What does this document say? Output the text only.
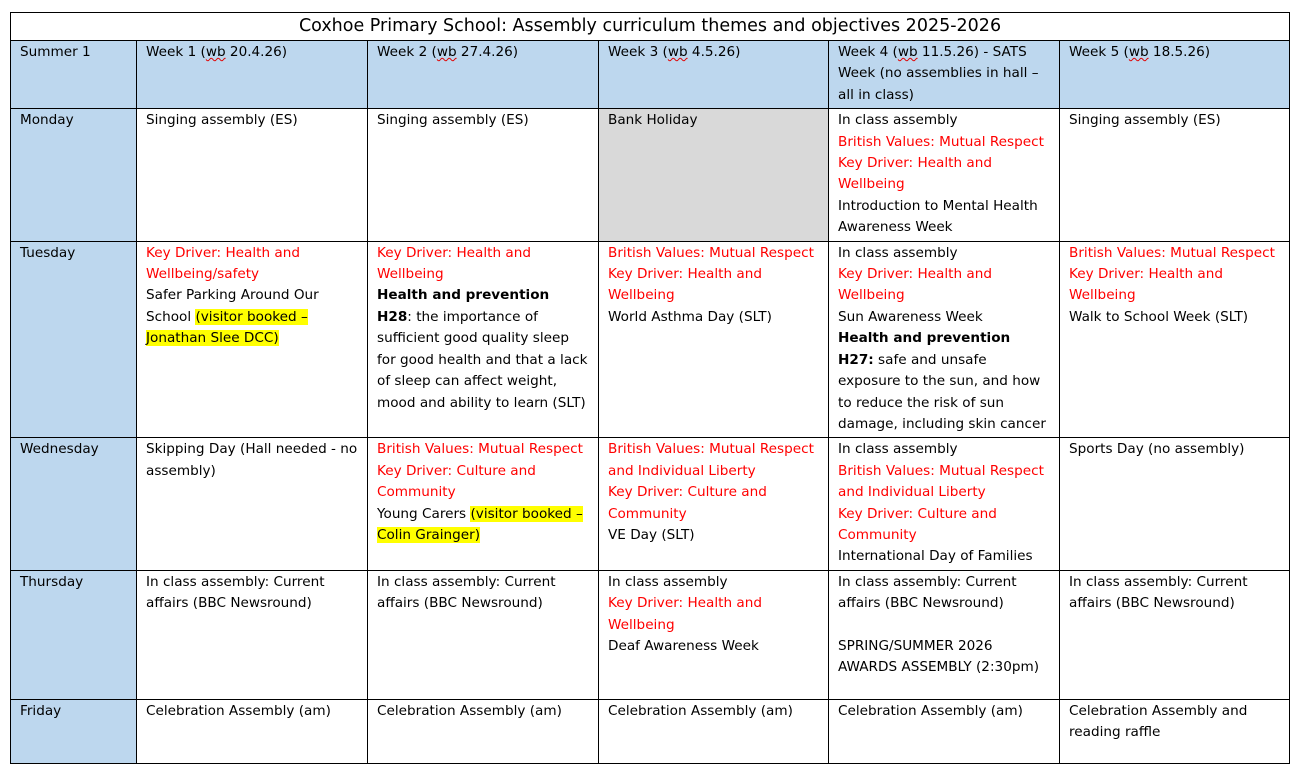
Coxhoe Primary School: Assembly curriculum themes and objectives 2025-2026					
Summer 1	Week 1 (wb 20.4.26)	Week 2 (wb 27.4.26)	Week 3 (wb 4.5.26)	Week 4 (wb 11.5.26) - SATS Week (no assemblies in hall – all in class)	Week 5 (wb 18.5.26)
Monday	Singing assembly (ES)	Singing assembly (ES)	Bank Holiday	In class assembly
British Values: Mutual Respect
Key Driver: Health and Wellbeing
Introduction to Mental Health Awareness Week	Singing assembly (ES)
Tuesday	Key Driver: Health and Wellbeing/safety
Safer Parking Around Our School (visitor booked – Jonathan Slee DCC)	Key Driver: Health and Wellbeing
Health and prevention
H28: the importance of sufficient good quality sleep for good health and that a lack of sleep can affect weight, mood and ability to learn (SLT)	British Values: Mutual Respect
Key Driver: Health and Wellbeing
World Asthma Day (SLT)	In class assembly
Key Driver: Health and Wellbeing
Sun Awareness Week
Health and prevention
H27: safe and unsafe exposure to the sun, and how to reduce the risk of sun damage, including skin cancer	British Values: Mutual Respect
Key Driver: Health and Wellbeing
Walk to School Week (SLT)

Wednesday	Skipping Day (Hall needed - no assembly)	British Values: Mutual Respect
Key Driver: Culture and Community
Young Carers (visitor booked – Colin Grainger)	British Values: Mutual Respect and Individual Liberty
Key Driver: Culture and Community
VE Day (SLT)	In class assembly
British Values: Mutual Respect and Individual Liberty
Key Driver: Culture and Community
International Day of Families	Sports Day (no assembly)
Thursday	In class assembly: Current affairs (BBC Newsround)	In class assembly: Current affairs (BBC Newsround)	In class assembly
Key Driver: Health and Wellbeing
Deaf Awareness Week	In class assembly: Current affairs (BBC Newsround)
SPRING/SUMMER 2026 AWARDS ASSEMBLY (2:30pm)	In class assembly: Current affairs (BBC Newsround)
Friday	Celebration Assembly (am)	Celebration Assembly (am)	Celebration Assembly (am)	Celebration Assembly (am)	Celebration Assembly and reading raffle
